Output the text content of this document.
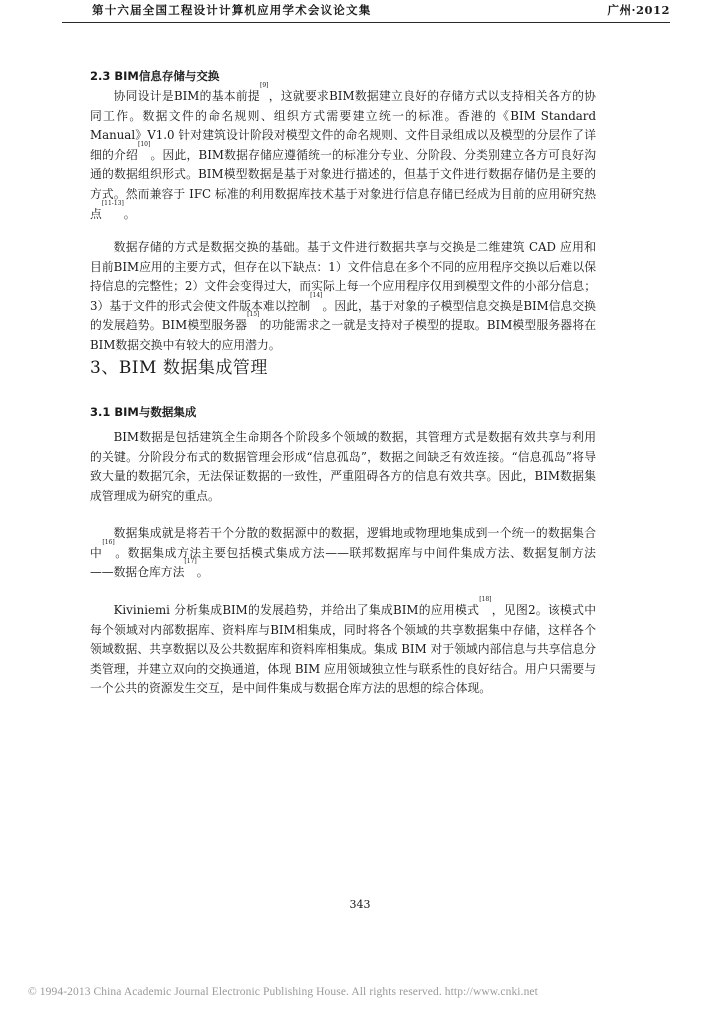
第十六届全国工程设计计算机应用学术会议论文集	广州·2012
2.3 BIM信息存储与交换

协同设计是BIM的基本前提[9]，这就要求BIM数据建立良好的存储方式以支持相关各方的协同工作。数据文件的命名规则、组织方式需要建立统一的标准。香港的《BIM Standard Manual》V1.0 针对建筑设计阶段对模型文件的命名规则、文件目录组成以及模型的分层作了详细的介绍[10]。因此，BIM数据存储应遵循统一的标准分专业、分阶段、分类别建立各方可良好沟通的数据组织形式。BIM模型数据是基于对象进行描述的，但基于文件进行数据存储仍是主要的方式。然而兼容于 IFC 标准的利用数据库技术基于对象进行信息存储已经成为目前的应用研究热点[11-13]。

数据存储的方式是数据交换的基础。基于文件进行数据共享与交换是二维建筑 CAD 应用和目前BIM应用的主要方式，但存在以下缺点：1）文件信息在多个不同的应用程序交换以后难以保持信息的完整性；2）文件会变得过大，而实际上每一个应用程序仅用到模型文件的小部分信息；3）基于文件的形式会使文件版本难以控制[14]。因此，基于对象的子模型信息交换是BIM信息交换的发展趋势。BIM模型服务器[15]的功能需求之一就是支持对子模型的提取。BIM模型服务器将在BIM数据交换中有较大的应用潜力。

3、BIM 数据集成管理
3.1 BIM与数据集成

BIM数据是包括建筑全生命期各个阶段多个领域的数据，其管理方式是数据有效共享与利用的关键。分阶段分布式的数据管理会形成“信息孤岛”，数据之间缺乏有效连接。“信息孤岛”将导致大量的数据冗余，无法保证数据的一致性，严重阻碍各方的信息有效共享。因此，BIM数据集成管理成为研究的重点。

数据集成就是将若干个分散的数据源中的数据，逻辑地或物理地集成到一个统一的数据集合中[16]。数据集成方法主要包括模式集成方法——联邦数据库与中间件集成方法、数据复制方法——数据仓库方法[17]。

Kiviniemi 分析集成BIM的发展趋势，并给出了集成BIM的应用模式[18]，见图2。该模式中每个领域对内部数据库、资料库与BIM相集成，同时将各个领域的共享数据集中存储，这样各个领域数据、共享数据以及公共数据库和资料库相集成。集成 BIM 对于领域内部信息与共享信息分类管理，并建立双向的交换通道，体现 BIM 应用领域独立性与联系性的良好结合。用户只需要与一个公共的资源发生交互，是中间件集成与数据仓库方法的思想的综合体现。

343
© 1994-2013 China Academic Journal Electronic Publishing House. All rights reserved. http://www.cnki.net
